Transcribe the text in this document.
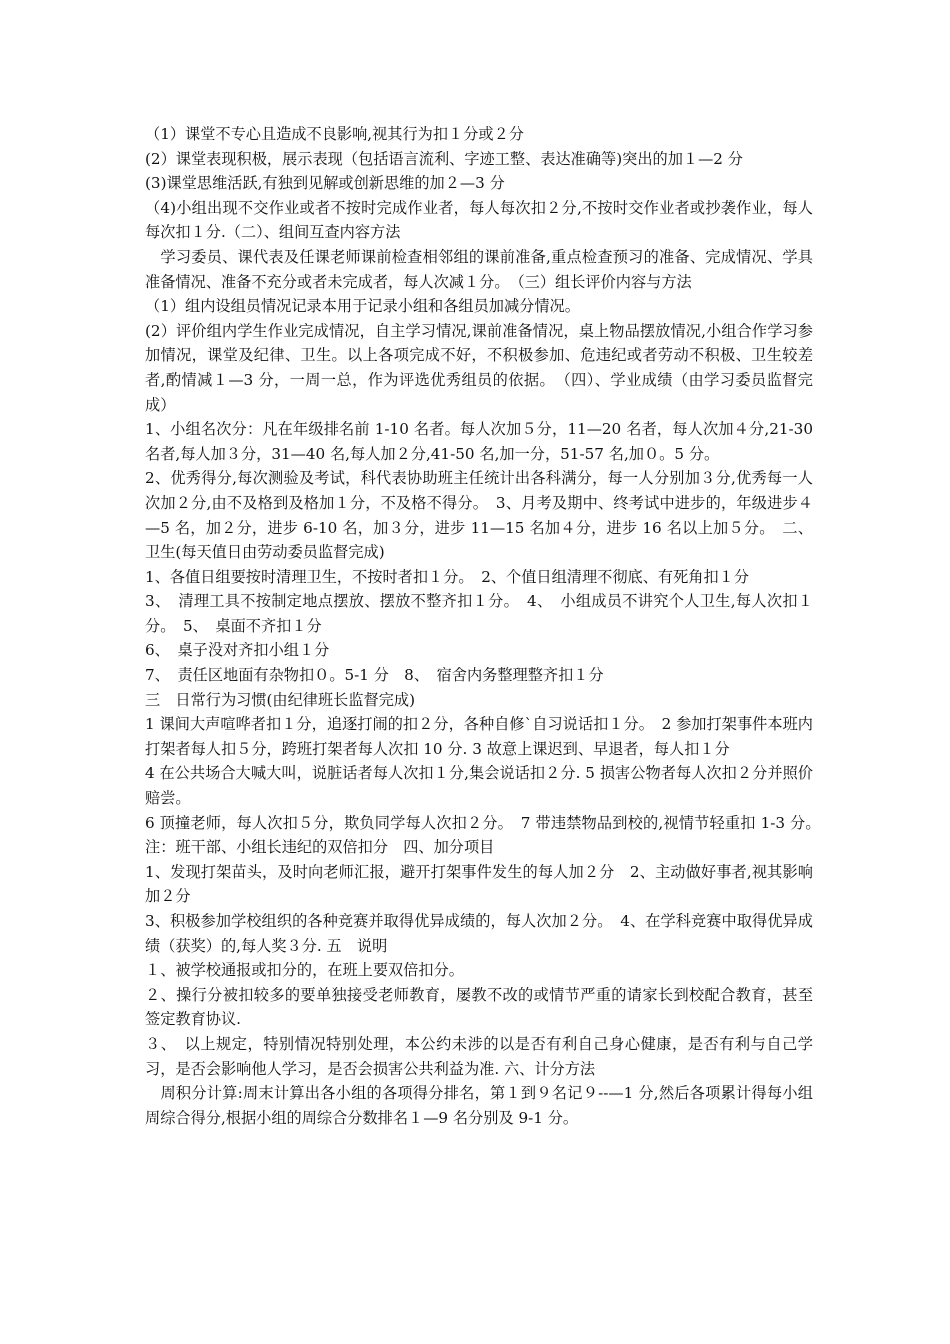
（1）课堂不专心且造成不良影响,视其行为扣１分或２分

(2）课堂表现积极，展示表现（包括语言流利、字迹工整、表达准确等)突出的加１—2 分

(3)课堂思维活跃,有独到见解或创新思维的加２—3 分

（4)小组出现不交作业或者不按时完成作业者，每人每次扣２分,不按时交作业者或抄袭作业，每人每次扣１分.（二）、组间互查内容方法

　学习委员、课代表及任课老师课前检查相邻组的课前准备,重点检查预习的准备、完成情况、学具准备情况、准备不充分或者未完成者，每人次减１分。　（三）组长评价内容与方法

（1）组内设组员情况记录本用于记录小组和各组员加减分情况。

(2）评价组内学生作业完成情况，自主学习情况,课前准备情况，桌上物品摆放情况,小组合作学习参加情况，课堂及纪律、卫生。以上各项完成不好，不积极参加、危违纪或者劳动不积极、卫生较差者,酌情减１—3 分，一周一总，作为评选优秀组员的依据。　（四）、学业成绩（由学习委员监督完成）

1、小组名次分：凡在年级排名前 1-10 名者。每人次加５分，11—20 名者，每人次加４分,21-30 名者,每人加３分，31—40 名,每人加２分,41-50 名,加一分，51-57 名,加０。5 分。

2、优秀得分,每次测验及考试，科代表协助班主任统计出各科满分，每一人分别加３分,优秀每一人次加２分,由不及格到及格加１分，不及格不得分。　3、月考及期中、终考试中进步的，年级进步４—5 名，加２分，进步 6-10 名，加３分，进步 11—15 名加４分，进步 16 名以上加５分。　二、卫生(每天值日由劳动委员监督完成)

1、各值日组要按时清理卫生，不按时者扣１分。　2、个值日组清理不彻底、有死角扣１分

3、　清理工具不按制定地点摆放、摆放不整齐扣１分。　4、　小组成员不讲究个人卫生,每人次扣１分。　5、　桌面不齐扣１分

6、　桌子没对齐扣小组１分

7、　责任区地面有杂物扣０。5-1 分　8、　宿舍内务整理整齐扣１分

三　日常行为习惯(由纪律班长监督完成)

1 课间大声喧哗者扣１分，追逐打闹的扣２分，各种自修`自习说话扣１分。　2 参加打架事件本班内打架者每人扣５分，跨班打架者每人次扣 10 分. 3 故意上课迟到、早退者，每人扣１分

4 在公共场合大喊大叫，说脏话者每人次扣１分,集会说话扣２分. 5 损害公物者每人次扣２分并照价赔尝。

6 顶撞老师，每人次扣５分，欺负同学每人次扣２分。　7 带违禁物品到校的,视情节轻重扣 1-3 分。　注：班干部、小组长违纪的双倍扣分　四、加分项目

1、发现打架苗头，及时向老师汇报，避开打架事件发生的每人加２分　2、主动做好事者,视其影响加２分

3、积极参加学校组织的各种竞赛并取得优异成绩的，每人次加２分。　4、在学科竞赛中取得优异成绩（获奖）的,每人奖３分. 五　说明

１、被学校通报或扣分的，在班上要双倍扣分。

２、操行分被扣较多的要单独接受老师教育，屡教不改的或情节严重的请家长到校配合教育，甚至签定教育协议.

３、　以上规定，特别情况特别处理，本公约未涉的以是否有利自己身心健康，是否有利与自己学习，是否会影响他人学习，是否会损害公共利益为准. 六、计分方法

　周积分计算:周末计算出各小组的各项得分排名，第１到９名记９--—1 分,然后各项累计得每小组周综合得分,根据小组的周综合分数排名１—9 名分别及 9-1 分。
